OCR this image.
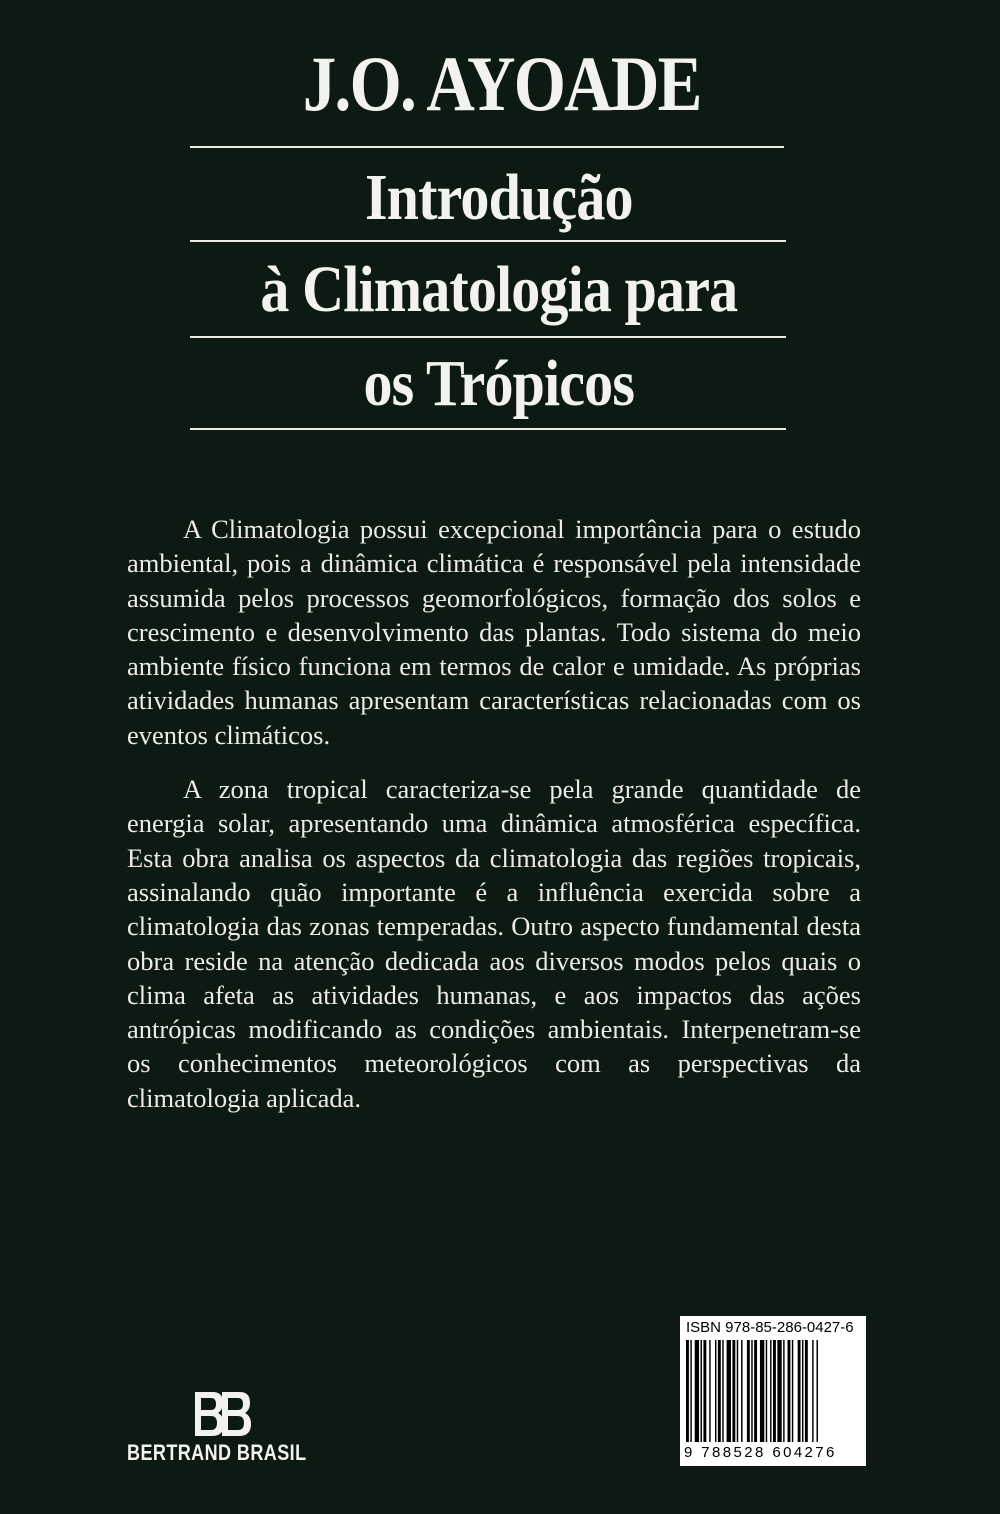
J.O. AYOADE
Introdução
à Climatologia para
os Trópicos

A Climatologia possui excepcional importância para o estudo ambiental, pois a dinâmica climática é responsável pela intensidade assumida pelos processos geomorfológicos, formação dos solos e crescimento e desenvolvimento das plantas. Todo sistema do meio ambiente físico funciona em termos de calor e umidade. As próprias atividades humanas apresentam características relacionadas com os eventos climáticos.

A zona tropical caracteriza-se pela grande quantidade de energia solar, apresentando uma dinâmica atmosférica específica. Esta obra analisa os aspectos da climatologia das regiões tropicais, assinalando quão importante é a influência exercida sobre a climatologia das zonas temperadas. Outro aspecto fundamental desta obra reside na atenção dedicada aos diversos modos pelos quais o clima afeta as atividades humanas, e aos impactos das ações antrópicas modificando as condições ambientais. Interpenetram-se os conhecimentos meteorológicos com as perspectivas da climatologia aplicada.

BERTRAND BRASIL
ISBN 978-85-286-0427-6
9 788528 604276
